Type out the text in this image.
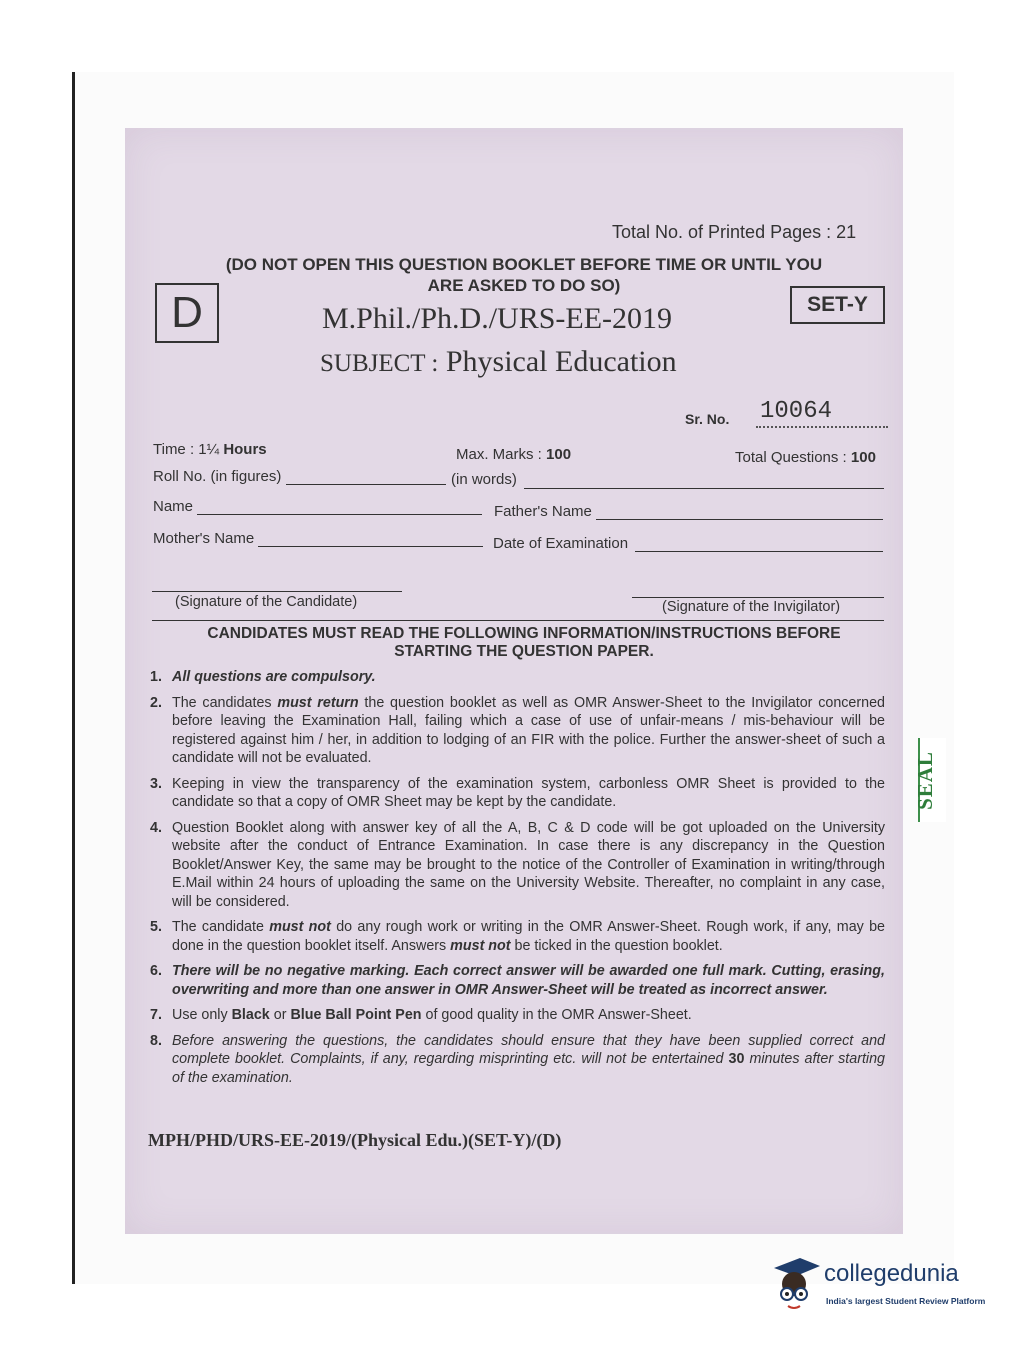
Total No. of Printed Pages : 21
(DO NOT OPEN THIS QUESTION BOOKLET BEFORE TIME OR UNTIL YOU
ARE ASKED TO DO SO)
D	SET-Y
M.Phil./Ph.D./URS-EE-2019
SUBJECT : Physical Education
Sr. No. 10064
Time : 1¼ Hours	Max. Marks : 100	Total Questions : 100
Roll No. (in figures)	(in words)
Name	Father's Name
Mother's Name	Date of Examination
(Signature of the Candidate)	(Signature of the Invigilator)
CANDIDATES MUST READ THE FOLLOWING INFORMATION/INSTRUCTIONS BEFORE
STARTING THE QUESTION PAPER.
1. All questions are compulsory.
2. The candidates must return the question booklet as well as OMR Answer-Sheet to the Invigilator concerned before leaving the Examination Hall, failing which a case of use of unfair-means / mis-behaviour will be registered against him / her, in addition to lodging of an FIR with the police. Further the answer-sheet of such a candidate will not be evaluated.
3. Keeping in view the transparency of the examination system, carbonless OMR Sheet is provided to the candidate so that a copy of OMR Sheet may be kept by the candidate.
4. Question Booklet along with answer key of all the A, B, C & D code will be got uploaded on the University website after the conduct of Entrance Examination. In case there is any discrepancy in the Question Booklet/Answer Key, the same may be brought to the notice of the Controller of Examination in writing/through E.Mail within 24 hours of uploading the same on the University Website. Thereafter, no complaint in any case, will be considered.
5. The candidate must not do any rough work or writing in the OMR Answer-Sheet. Rough work, if any, may be done in the question booklet itself. Answers must not be ticked in the question booklet.
6. There will be no negative marking. Each correct answer will be awarded one full mark. Cutting, erasing, overwriting and more than one answer in OMR Answer-Sheet will be treated as incorrect answer.
7. Use only Black or Blue Ball Point Pen of good quality in the OMR Answer-Sheet.
8. Before answering the questions, the candidates should ensure that they have been supplied correct and complete booklet. Complaints, if any, regarding misprinting etc. will not be entertained 30 minutes after starting of the examination.
MPH/PHD/URS-EE-2019/(Physical Edu.)(SET-Y)/(D)
SEAL
collegedunia
India's largest Student Review Platform
